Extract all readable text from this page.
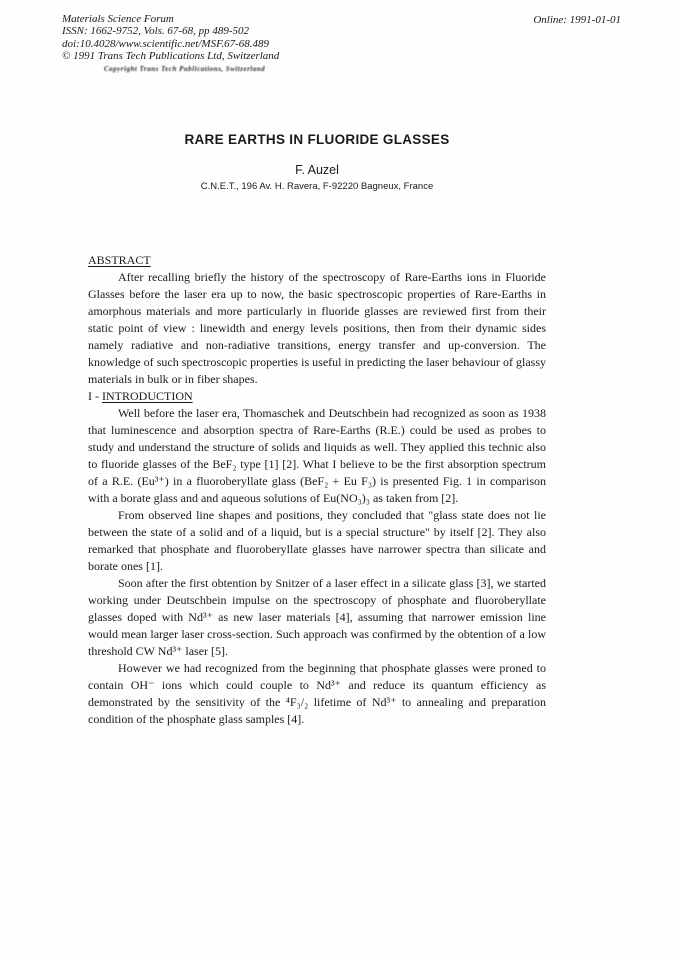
Materials Science Forum
ISSN: 1662-9752, Vols. 67-68, pp 489-502
doi:10.4028/www.scientific.net/MSF.67-68.489
© 1991 Trans Tech Publications Ltd, Switzerland
Copyright Trans Tech Publications, Switzerland
Online: 1991-01-01
RARE EARTHS IN FLUORIDE GLASSES
F. Auzel
C.N.E.T., 196 Av. H. Ravera, F-92220 Bagneux, France
ABSTRACT

After recalling briefly the history of the spectroscopy of Rare-Earths ions in Fluoride Glasses before the laser era up to now, the basic spectroscopic properties of Rare-Earths in amorphous materials and more particularly in fluoride glasses are reviewed first from their static point of view : linewidth and energy levels positions, then from their dynamic sides namely radiative and non-radiative transitions, energy transfer and up-conversion. The knowledge of such spectroscopic properties is useful in predicting the laser behaviour of glassy materials in bulk or in fiber shapes.

I - INTRODUCTION

Well before the laser era, Thomaschek and Deutschbein had recognized as soon as 1938 that luminescence and absorption spectra of Rare-Earths (R.E.) could be used as probes to study and understand the structure of solids and liquids as well. They applied this technic also to fluoride glasses of the BeF₂ type [1] [2]. What I believe to be the first absorption spectrum of a R.E. (Eu³⁺) in a fluoroberyllate glass (BeF₂ + Eu F₃) is presented Fig. 1 in comparison with a borate glass and and aqueous solutions of Eu(NO₃)₃ as taken from [2].

From observed line shapes and positions, they concluded that "glass state does not lie between the state of a solid and of a liquid, but is a special structure" by itself [2]. They also remarked that phosphate and fluoroberyllate glasses have narrower spectra than silicate and borate ones [1].

Soon after the first obtention by Snitzer of a laser effect in a silicate glass [3], we started working under Deutschbein impulse on the spectroscopy of phosphate and fluoroberyllate glasses doped with Nd³⁺ as new laser materials [4], assuming that narrower emission line would mean larger laser cross-section. Such approach was confirmed by the obtention of a low threshold CW Nd³⁺ laser [5].

However we had recognized from the beginning that phosphate glasses were proned to contain OH⁻ ions which could couple to Nd³⁺ and reduce its quantum efficiency as demonstrated by the sensitivity of the ⁴F₃/₂ lifetime of Nd³⁺ to annealing and preparation condition of the phosphate glass samples [4].
